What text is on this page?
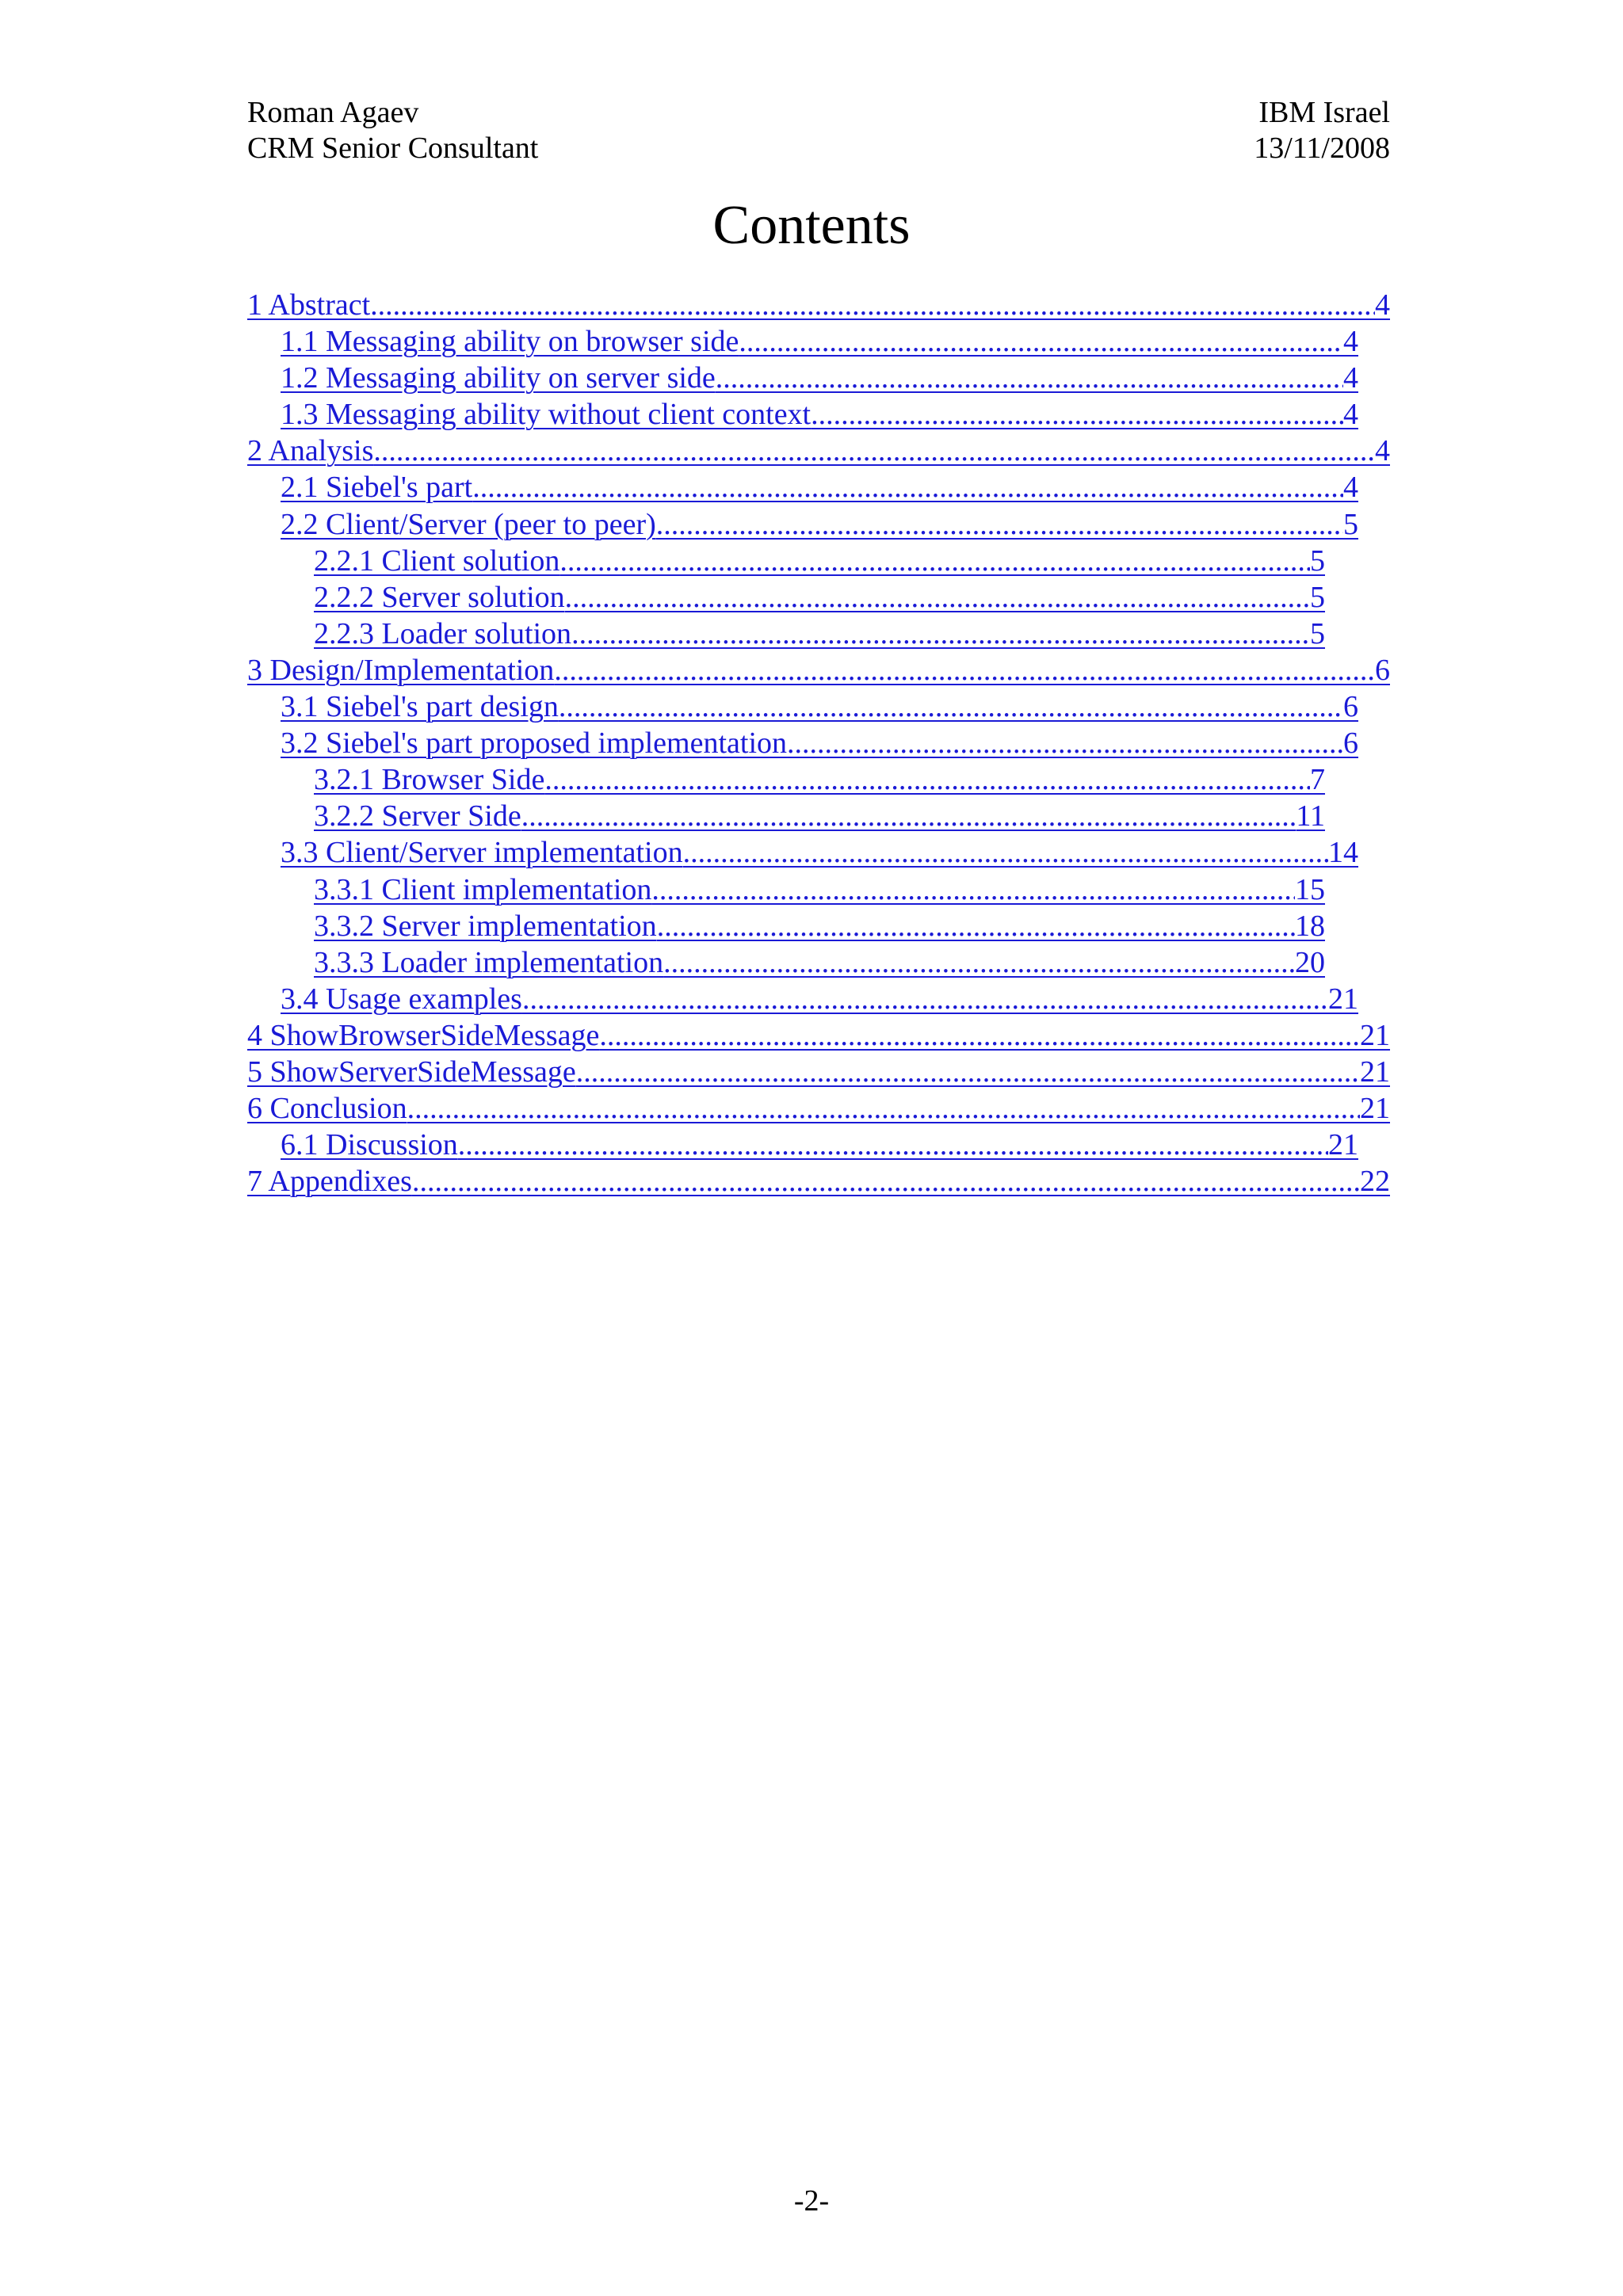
Roman Agaev	IBM Israel
CRM Senior Consultant	13/11/2008
Contents
1 Abstract .....	4
1.1 Messaging ability on browser side .....	4
1.2 Messaging ability on server side .....	4
1.3 Messaging ability without client context .....	4
2 Analysis .....	4
2.1 Siebel's part .....	4
2.2 Client/Server (peer to peer) .....	5
2.2.1 Client solution .....	5
2.2.2 Server solution .....	5
2.2.3 Loader solution .....	5
3 Design/Implementation .....	6
3.1 Siebel's part design .....	6
3.2 Siebel's part proposed implementation .....	6
3.2.1 Browser Side .....	7
3.2.2 Server Side .....	11
3.3 Client/Server implementation .....	14
3.3.1 Client implementation .....	15
3.3.2 Server implementation .....	18
3.3.3 Loader implementation .....	20
3.4 Usage examples .....	21
4 ShowBrowserSideMessage .....	21
5 ShowServerSideMessage .....	21
6 Conclusion .....	21
6.1 Discussion .....	21
7 Appendixes .....	22
-2-
